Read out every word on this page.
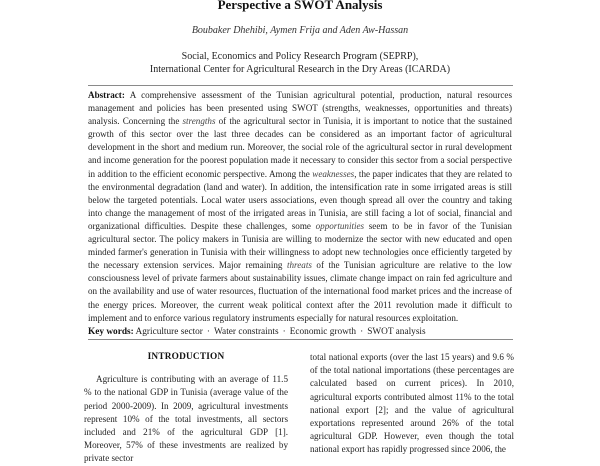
Perspective a SWOT Analysis
Boubaker Dhehibi, Aymen Frija and Aden Aw-Hassan
Social, Economics and Policy Research Program (SEPRP),
International Center for Agricultural Research in the Dry Areas (ICARDA)
Abstract: A comprehensive assessment of the Tunisian agricultural potential, production, natural resources management and policies has been presented using SWOT (strengths, weaknesses, opportunities and threats) analysis. Concerning the strengths of the agricultural sector in Tunisia, it is important to notice that the sustained growth of this sector over the last three decades can be considered as an important factor of agricultural development in the short and medium run. Moreover, the social role of the agricultural sector in rural development and income generation for the poorest population made it necessary to consider this sector from a social perspective in addition to the efficient economic perspective. Among the weaknesses, the paper indicates that they are related to the environmental degradation (land and water). In addition, the intensification rate in some irrigated areas is still below the targeted potentials. Local water users associations, even though spread all over the country and taking into change the management of most of the irrigated areas in Tunisia, are still facing a lot of social, financial and organizational difficulties. Despite these challenges, some opportunities seem to be in favor of the Tunisian agricultural sector. The policy makers in Tunisia are willing to modernize the sector with new educated and open minded farmer's generation in Tunisia with their willingness to adopt new technologies once efficiently targeted by the necessary extension services. Major remaining threats of the Tunisian agriculture are relative to the low consciousness level of private farmers about sustainability issues, climate change impact on rain fed agriculture and on the availability and use of water resources, fluctuation of the international food market prices and the increase of the energy prices. Moreover, the current weak political context after the 2011 revolution made it difficult to implement and to enforce various regulatory instruments especially for natural resources exploitation.
Key words: Agriculture sector · Water constraints · Economic growth · SWOT analysis
INTRODUCTION
Agriculture is contributing with an average of 11.5 % to the national GDP in Tunisia (average value of the period 2000-2009). In 2009, agricultural investments represent 10% of the total investments, all sectors included and 21% of the agricultural GDP [1]. Moreover, 57% of these investments are realized by private sector
total national exports (over the last 15 years) and 9.6 % of the total national importations (these percentages are calculated based on current prices). In 2010, agricultural exports contributed almost 11% to the total national export [2]; and the value of agricultural exportations represented around 26% of the total agricultural GDP. However, even though the total national export has rapidly progressed since 2006, the
